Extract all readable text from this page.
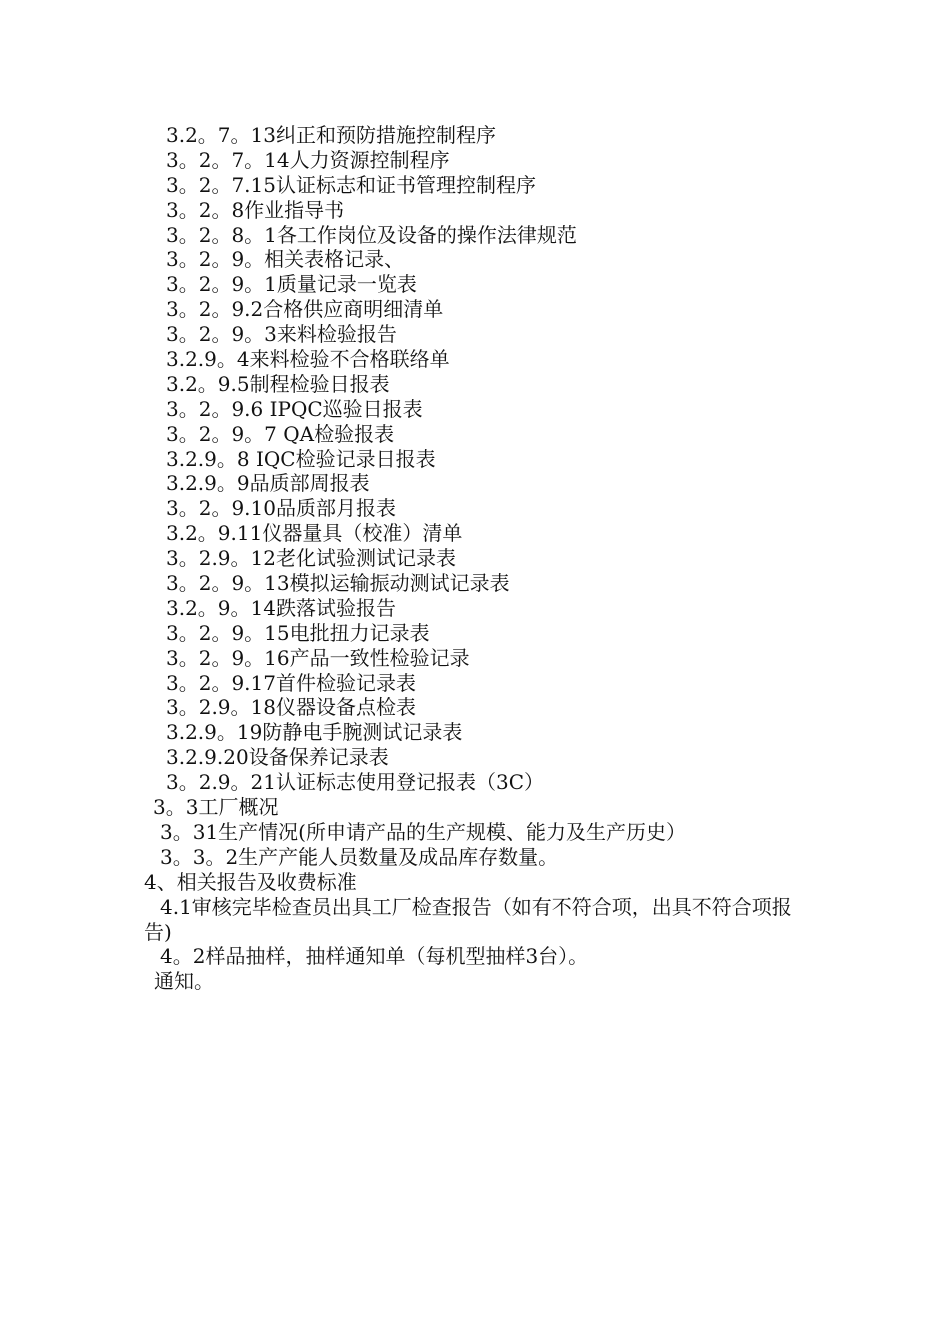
3.2。7。13纠正和预防措施控制程序
3。2。7。14人力资源控制程序
3。2。7.15认证标志和证书管理控制程序
3。2。8作业指导书
3。2。8。1各工作岗位及设备的操作法律规范
3。2。9。相关表格记录、
3。2。9。1质量记录一览表
3。2。9.2合格供应商明细清单
3。2。9。3来料检验报告
3.2.9。4来料检验不合格联络单
3.2。9.5制程检验日报表
3。2。9.6 IPQC巡验日报表
3。2。9。7 QA检验报表
3.2.9。8 IQC检验记录日报表
3.2.9。9品质部周报表
3。2。9.10品质部月报表
3.2。9.11仪器量具（校准）清单
3。2.9。12老化试验测试记录表
3。2。9。13模拟运输振动测试记录表
3.2。9。14跌落试验报告
3。2。9。15电批扭力记录表
3。2。9。16产品一致性检验记录
3。2。9.17首件检验记录表
3。2.9。18仪器设备点检表
3.2.9。19防静电手腕测试记录表
3.2.9.20设备保养记录表
3。2.9。21认证标志使用登记报表（3C）
3。3工厂概况
3。31生产情况(所申请产品的生产规模、能力及生产历史）
3。3。2生产产能人员数量及成品库存数量。
4、相关报告及收费标准
4.1审核完毕检查员出具工厂检查报告（如有不符合项，出具不符合项报告)
4。2样品抽样，抽样通知单（每机型抽样3台）。
通知。
